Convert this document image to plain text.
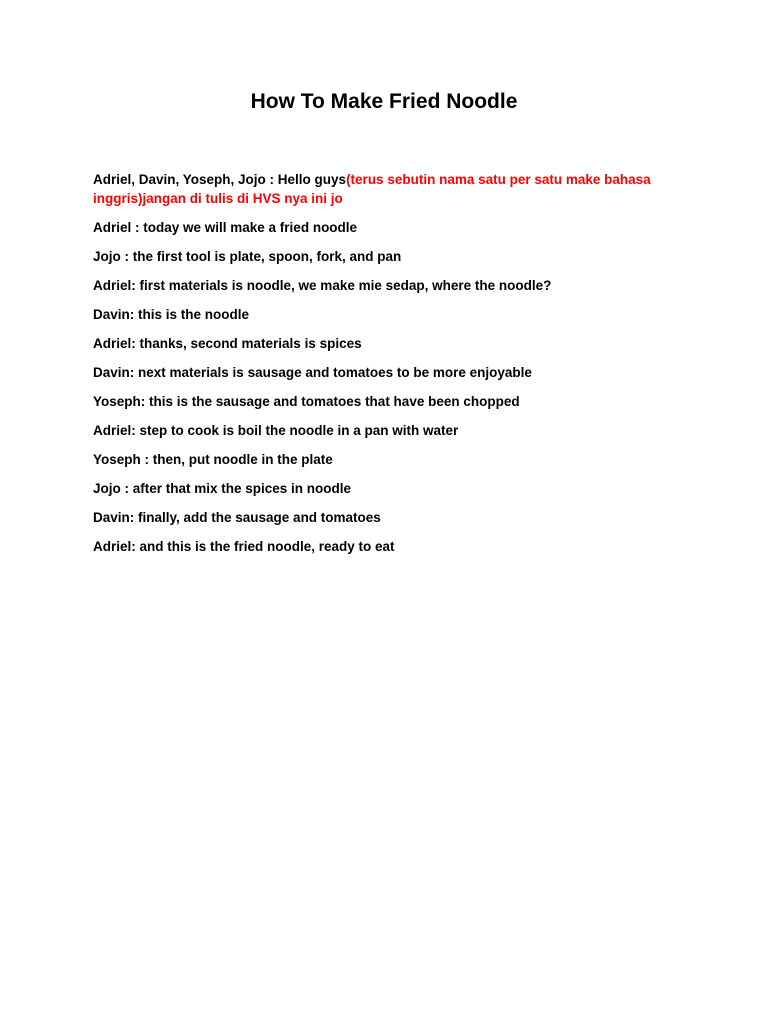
How To Make Fried Noodle

Adriel, Davin, Yoseph, Jojo : Hello guys(terus sebutin nama satu per satu make bahasa inggris)jangan di tulis di HVS nya ini jo

Adriel : today we will make a fried noodle

Jojo : the first tool is plate, spoon, fork, and pan

Adriel: first materials is noodle, we make mie sedap, where the noodle?

Davin: this is the noodle

Adriel: thanks, second materials is spices

Davin: next materials is sausage and tomatoes to be more enjoyable

Yoseph: this is the sausage and tomatoes that have been chopped

Adriel: step to cook is boil the noodle in a pan with water

Yoseph : then, put noodle in the plate

Jojo : after that mix the spices in noodle

Davin: finally, add the sausage and tomatoes

Adriel: and this is the fried noodle, ready to eat
